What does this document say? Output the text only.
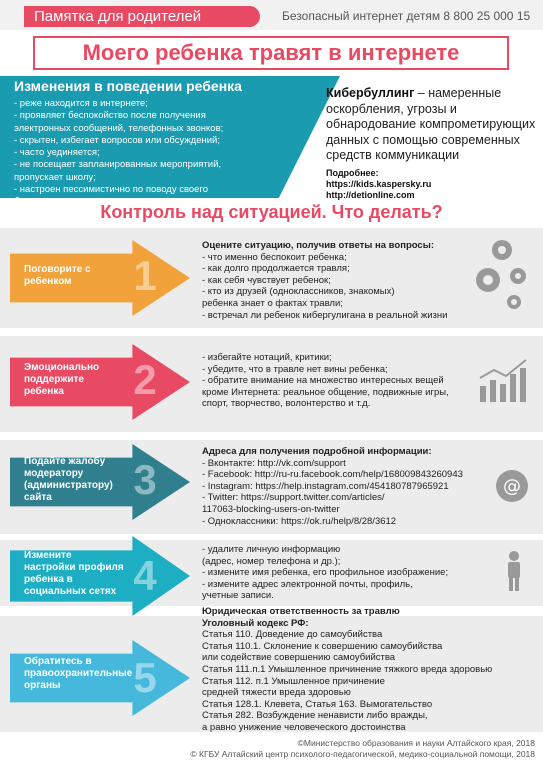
Памятка для родителей	Безопасный интернет детям 8 800 25 000 15
Моего ребенка травят в интернете
Изменения в поведении ребенка
- реже находится в интернете;
- проявляет беспокойство после получения
электронных сообщений, телефонных звонков;
- скрытен, избегает вопросов или обсуждений;
- часто уединяется;
- не посещает запланированных мероприятий,
пропускает школу;
- настроен пессимистично по поводу своего
будущего
Кибербуллинг – намеренные оскорбления, угрозы и обнародование компрометирующих данных с помощью современных средств коммуникации
Подробнее:
https://kids.kaspersky.ru
http://detionline.com
Контроль над ситуацией. Что делать?
Поговорите с ребенком	1
Оцените ситуацию, получив ответы на вопросы:
- что именно беспокоит ребенка;
- как долго продолжается травля;
- как себя чувствует ребенок;
- кто из друзей (одноклассников, знакомых)
ребенка знает о фактах травли;
- встречал ли ребенок кибергулигана в реальной жизни
Эмоционально поддержите ребенка	2	- избегайте нотаций, критики;
- убедите, что в травле нет вины ребенка;
- обратите внимание на множество интересных вещей
кроме Интернета: реальное общение, подвижные игры,
спорт, творчество, волонтерство и т.д.
Подайте жалобу модератору (администратору) сайта	3
Адреса для получения подробной информации:
- Вконтакте: http://vk.com/support
- Facebook: http://ru-ru.facebook.com/help/168009843260943
- Instagram: https://help.instagram.com/454180787965921
- Twitter: https://support.twitter.com/articles/
117063-blocking-users-on-twitter
- Одноклассники: https://ok.ru/help/8/28/3612
@
Измените настройки профиля ребенка в социальных сетях 4
- удалите личную информацию
(адрес, номер телефона и др.);
- измените имя ребенка, его профильное изображение;
- измените адрес электронной почты, профиль,
учетные записи.
Обратитесь в правоохранительные органы	5
Юридическая ответственность за травлю
Уголовный кодекс РФ:
Статья 110. Доведение до самоубийства
Статья 110.1. Склонение к совершению самоубийства
или содействие совершению самоубийства
Статья 111.п.1 Умышленное причинение тяжкого вреда здоровью
Статья 112. п.1 Умышленное причинение
средней тяжести вреда здоровью
Статья 128.1. Клевета, Статья 163. Вымогательство
Статья 282. Возбуждение ненависти либо вражды,
а равно унижение человеческого достоинства
©Министерство образования и науки Алтайского края, 2018
© КГБУ Алтайский центр психолого-педагогической, медико-социальной помощи, 2018
